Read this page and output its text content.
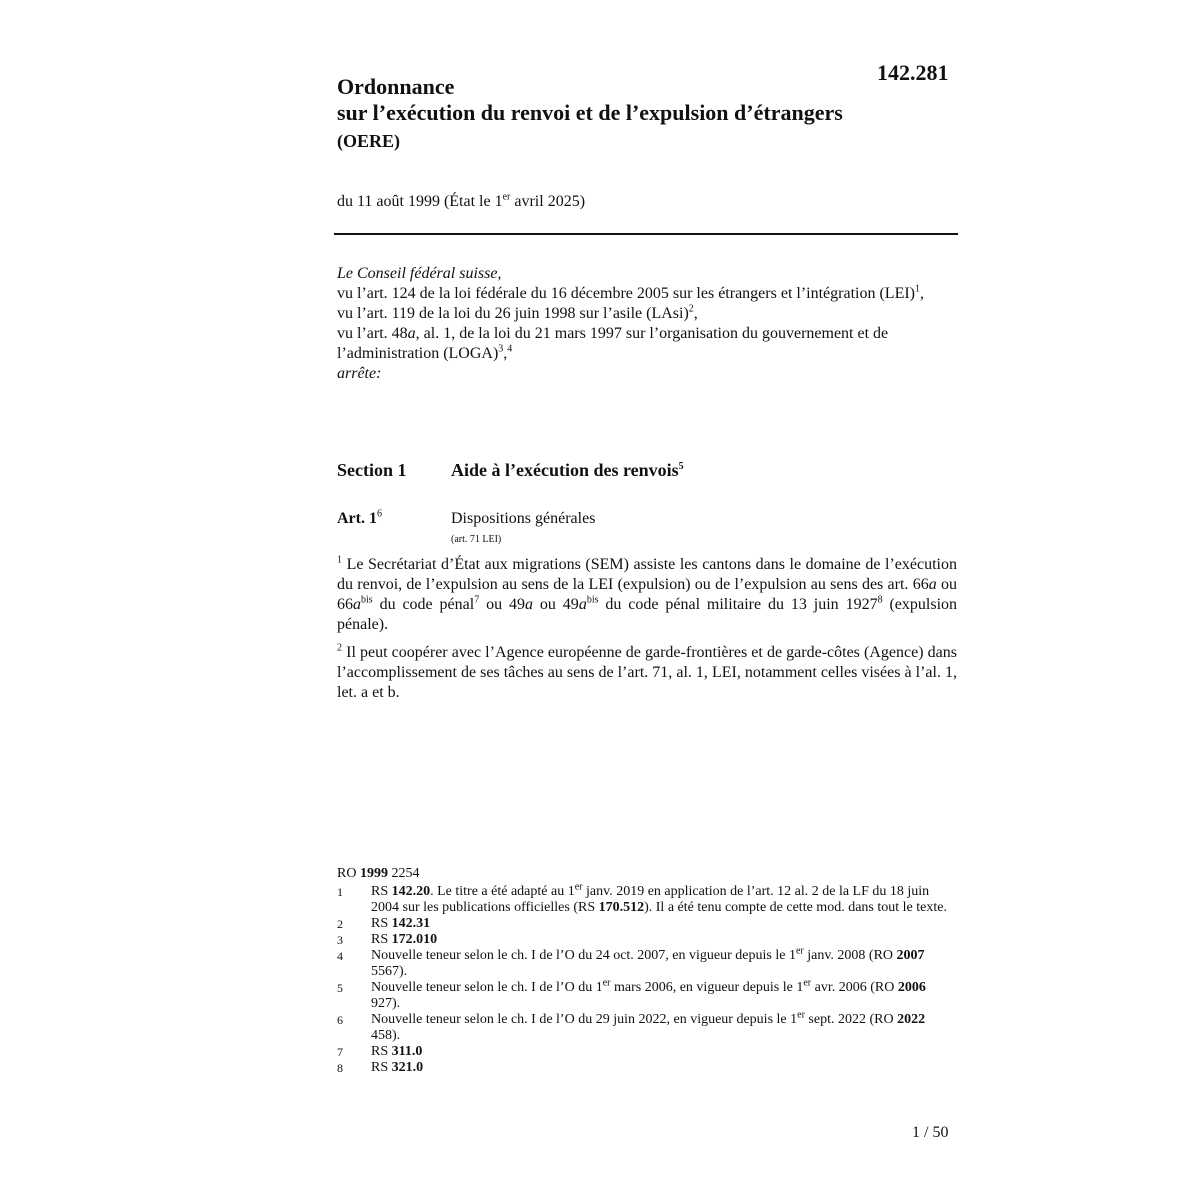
142.281
Ordonnance
sur l’exécution du renvoi et de l’expulsion d’étrangers
(OERE)
du 11 août 1999 (État le 1er avril 2025)

Le Conseil fédéral suisse,

vu l’art. 124 de la loi fédérale du 16 décembre 2005 sur les étrangers et l’intégration (LEI)$^1$,

vu l’art. 119 de la loi du 26 juin 1998 sur l’asile (LAsi)$^2$,

vu l’art. 48a, al. 1, de la loi du 21 mars 1997 sur l’organisation du gouvernement et de l’administration (LOGA)$^3$,$^4$

arrête:

Section 1 Aide à l’exécution des renvois$^5$
Art. $1^6$	Dispositions générales
(art. 71 LEI)

$^1$ Le Secrétariat d’État aux migrations (SEM) assiste les cantons dans le domaine de l’exécution du renvoi, de l’expulsion au sens de la LEI (expulsion) ou de l’expulsion au sens des art. 66a ou $66a^{bis}$ du code pénal$^7$ ou 49a ou $49a^{bis}$ du code pénal militaire du 13 juin 1927$^8$ (expulsion pénale).

$^2$ Il peut coopérer avec l’Agence européenne de garde-frontières et de garde-côtes (Agence) dans l’accomplissement de ses tâches au sens de l’art. 71, al. 1, LEI, notamment celles visées à l’al. 1, let. a et b.

RO 1999 2254

1 RS 142.20. Le titre a été adapté au 1er janv. 2019 en application de l’art. 12 al. 2 de la LF du 18 juin 2004 sur les publications officielles (RS 170.512). Il a été tenu compte de cette mod. dans tout le texte.

2 RS 142.31

3 RS 172.010

4 Nouvelle teneur selon le ch. I de l’O du 24 oct. 2007, en vigueur depuis le 1er janv. 2008 (RO 2007 5567).

5 Nouvelle teneur selon le ch. I de l’O du 1er mars 2006, en vigueur depuis le 1er avr. 2006 (RO 2006 927).

6 Nouvelle teneur selon le ch. I de l’O du 29 juin 2022, en vigueur depuis le 1er sept. 2022 (RO 2022 458).

7 RS 311.0

8 RS 321.0

1 / 50
